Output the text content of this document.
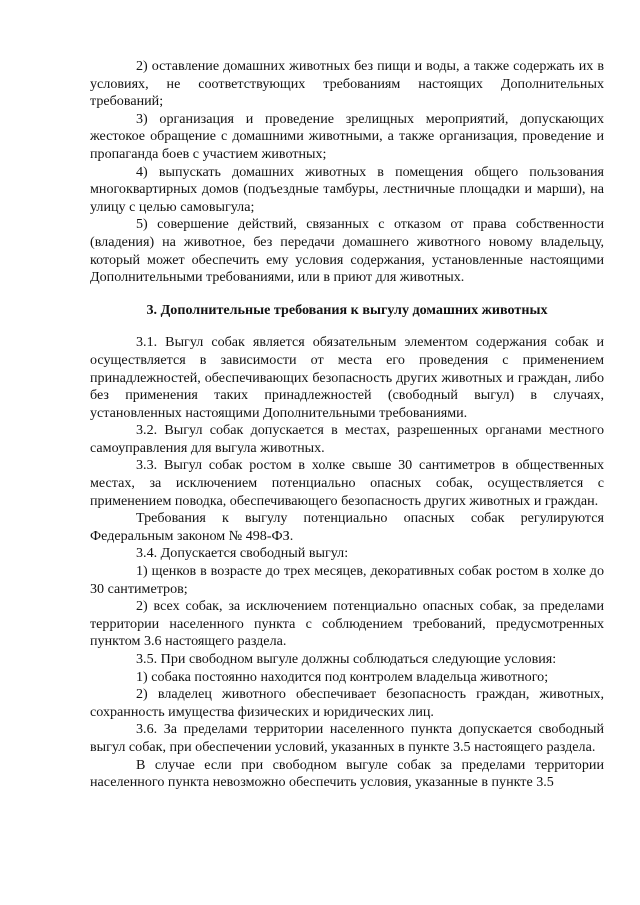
2) оставление домашних животных без пищи и воды, а также содержать их в условиях, не соответствующих требованиям настоящих Дополнительных требований;

3) организация и проведение зрелищных мероприятий, допускающих жестокое обращение с домашними животными, а также организация, проведение и пропаганда боев с участием животных;

4) выпускать домашних животных в помещения общего пользования многоквартирных домов (подъездные тамбуры, лестничные площадки и марши), на улицу с целью самовыгула;

5) совершение действий, связанных с отказом от права собственности (владения) на животное, без передачи домашнего животного новому владельцу, который может обеспечить ему условия содержания, установленные настоящими Дополнительными требованиями, или в приют для животных.

3. Дополнительные требования к выгулу домашних животных

3.1. Выгул собак является обязательным элементом содержания собак и осуществляется в зависимости от места его проведения с применением принадлежностей, обеспечивающих безопасность других животных и граждан, либо без применения таких принадлежностей (свободный выгул) в случаях, установленных настоящими Дополнительными требованиями.

3.2. Выгул собак допускается в местах, разрешенных органами местного самоуправления для выгула животных.

3.3. Выгул собак ростом в холке свыше 30 сантиметров в общественных местах, за исключением потенциально опасных собак, осуществляется с применением поводка, обеспечивающего безопасность других животных и граждан.

Требования к выгулу потенциально опасных собак регулируются Федеральным законом № 498-ФЗ.

3.4. Допускается свободный выгул:

1) щенков в возрасте до трех месяцев, декоративных собак ростом в холке до 30 сантиметров;

2) всех собак, за исключением потенциально опасных собак, за пределами территории населенного пункта с соблюдением требований, предусмотренных пунктом 3.6 настоящего раздела.

3.5. При свободном выгуле должны соблюдаться следующие условия:

1) собака постоянно находится под контролем владельца животного;

2) владелец животного обеспечивает безопасность граждан, животных, сохранность имущества физических и юридических лиц.

3.6. За пределами территории населенного пункта допускается свободный выгул собак, при обеспечении условий, указанных в пункте 3.5 настоящего раздела.

В случае если при свободном выгуле собак за пределами территории населенного пункта невозможно обеспечить условия, указанные в пункте 3.5
